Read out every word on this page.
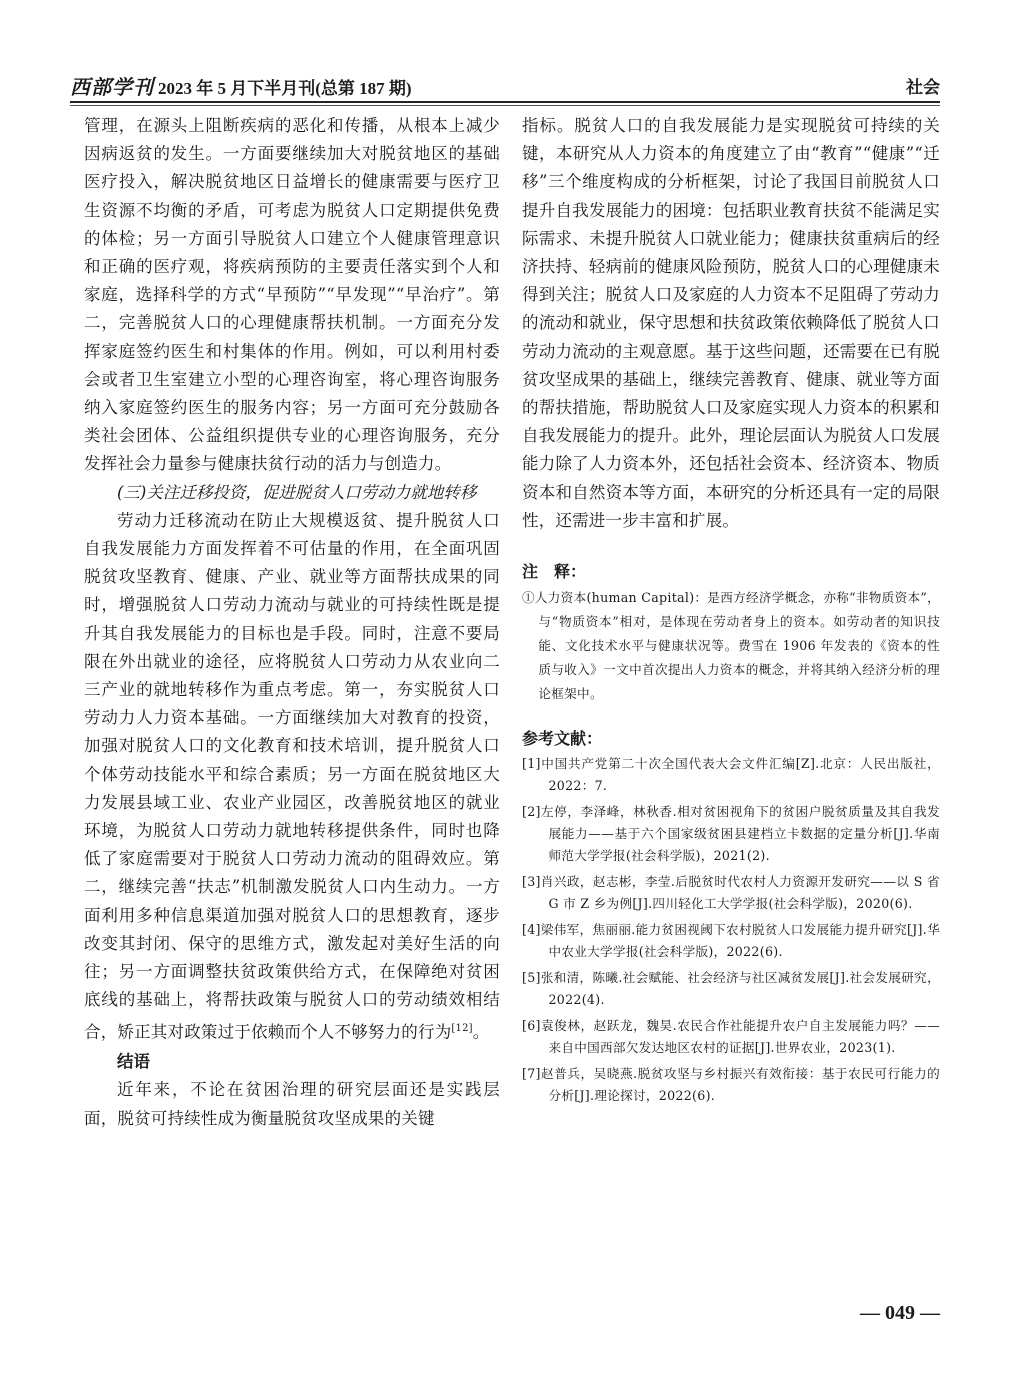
西部学刊 2023 年 5 月下半月刊(总第 187 期)	社会

管理，在源头上阻断疾病的恶化和传播，从根本上减少因病返贫的发生。一方面要继续加大对脱贫地区的基础医疗投入，解决脱贫地区日益增长的健康需要与医疗卫生资源不均衡的矛盾，可考虑为脱贫人口定期提供免费的体检；另一方面引导脱贫人口建立个人健康管理意识和正确的医疗观，将疾病预防的主要责任落实到个人和家庭，选择科学的方式“早预防”“早发现”“早治疗”。第二，完善脱贫人口的心理健康帮扶机制。一方面充分发挥家庭签约医生和村集体的作用。例如，可以利用村委会或者卫生室建立小型的心理咨询室，将心理咨询服务纳入家庭签约医生的服务内容；另一方面可充分鼓励各类社会团体、公益组织提供专业的心理咨询服务，充分发挥社会力量参与健康扶贫行动的活力与创造力。

(三)关注迁移投资，促进脱贫人口劳动力就地转移

劳动力迁移流动在防止大规模返贫、提升脱贫人口自我发展能力方面发挥着不可估量的作用，在全面巩固脱贫攻坚教育、健康、产业、就业等方面帮扶成果的同时，增强脱贫人口劳动力流动与就业的可持续性既是提升其自我发展能力的目标也是手段。同时，注意不要局限在外出就业的途径，应将脱贫人口劳动力从农业向二三产业的就地转移作为重点考虑。第一，夯实脱贫人口劳动力人力资本基础。一方面继续加大对教育的投资，加强对脱贫人口的文化教育和技术培训，提升脱贫人口个体劳动技能水平和综合素质；另一方面在脱贫地区大力发展县域工业、农业产业园区，改善脱贫地区的就业环境，为脱贫人口劳动力就地转移提供条件，同时也降低了家庭需要对于脱贫人口劳动力流动的阻碍效应。第二，继续完善“扶志”机制激发脱贫人口内生动力。一方面利用多种信息渠道加强对脱贫人口的思想教育，逐步改变其封闭、保守的思维方式，激发起对美好生活的向往；另一方面调整扶贫政策供给方式，在保障绝对贫困底线的基础上，将帮扶政策与脱贫人口的劳动绩效相结合，矫正其对政策过于依赖而个人不够努力的行为[12]。

结语

近年来，不论在贫困治理的研究层面还是实践层面，脱贫可持续性成为衡量脱贫攻坚成果的关键

指标。脱贫人口的自我发展能力是实现脱贫可持续的关键，本研究从人力资本的角度建立了由“教育”“健康”“迁移”三个维度构成的分析框架，讨论了我国目前脱贫人口提升自我发展能力的困境：包括职业教育扶贫不能满足实际需求、未提升脱贫人口就业能力；健康扶贫重病后的经济扶持、轻病前的健康风险预防，脱贫人口的心理健康未得到关注；脱贫人口及家庭的人力资本不足阻碍了劳动力的流动和就业，保守思想和扶贫政策依赖降低了脱贫人口劳动力流动的主观意愿。基于这些问题，还需要在已有脱贫攻坚成果的基础上，继续完善教育、健康、就业等方面的帮扶措施，帮助脱贫人口及家庭实现人力资本的积累和自我发展能力的提升。此外，理论层面认为脱贫人口发展能力除了人力资本外，还包括社会资本、经济资本、物质资本和自然资本等方面，本研究的分析还具有一定的局限性，还需进一步丰富和扩展。

注　释：

①人力资本(human Capital)：是西方经济学概念，亦称“非物质资本”，与“物质资本”相对，是体现在劳动者身上的资本。如劳动者的知识技能、文化技术水平与健康状况等。费雪在 1906 年发表的《资本的性质与收入》一文中首次提出人力资本的概念，并将其纳入经济分析的理论框架中。

参考文献：

[1]中国共产党第二十次全国代表大会文件汇编[Z].北京：人民出版社，2022：7.

[2]左停，李泽峰，林秋香.相对贫困视角下的贫困户脱贫质量及其自我发展能力——基于六个国家级贫困县建档立卡数据的定量分析[J].华南师范大学学报(社会科学版)，2021(2).

[3]肖兴政，赵志彬，李莹.后脱贫时代农村人力资源开发研究——以 S 省 G 市 Z 乡为例[J].四川轻化工大学学报(社会科学版)，2020(6).

[4]梁伟军，焦丽丽.能力贫困视阈下农村脱贫人口发展能力提升研究[J].华中农业大学学报(社会科学版)，2022(6).

[5]张和清，陈曦.社会赋能、社会经济与社区减贫发展[J].社会发展研究，2022(4).

[6]袁俊林，赵跃龙，魏昊.农民合作社能提升农户自主发展能力吗？——来自中国西部欠发达地区农村的证据[J].世界农业，2023(1).

[7]赵普兵，吴晓燕.脱贫攻坚与乡村振兴有效衔接：基于农民可行能力的分析[J].理论探讨，2022(6).

— 049 —
